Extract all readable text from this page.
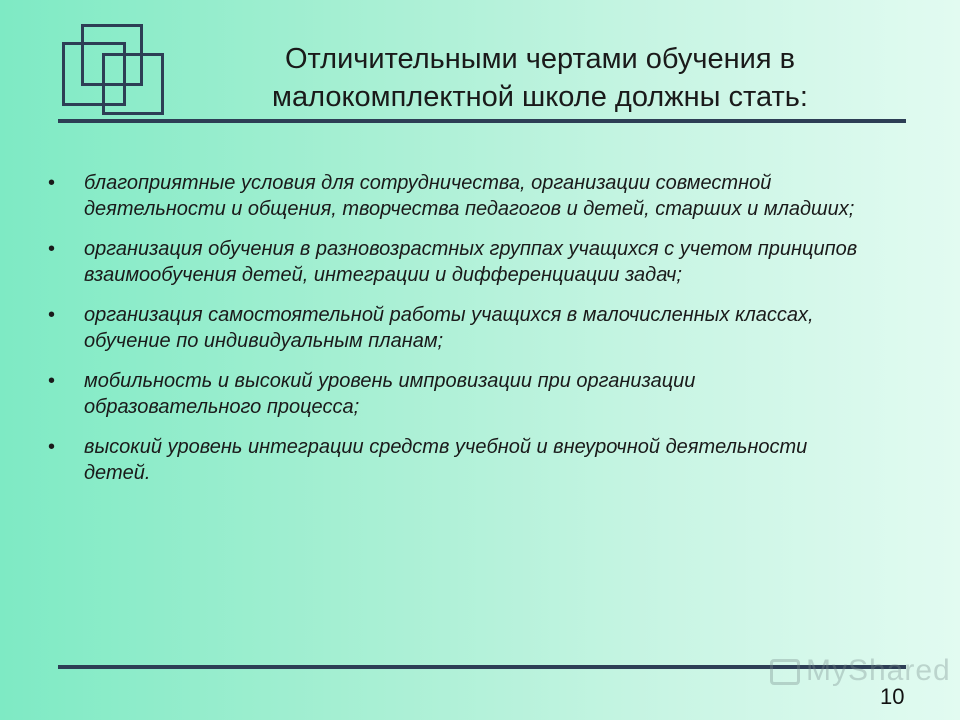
Отличительными чертами обучения в
малокомплектной школе должны стать:
• благоприятные условия для сотрудничества, организации совместной деятельности и общения, творчества педагогов и детей, старших и младших;
• организация обучения в разновозрастных группах учащихся с учетом принципов взаимообучения детей, интеграции и дифференциации задач;
• организация самостоятельной работы учащихся в малочисленных классах, обучение по индивидуальным планам;
• мобильность и высокий уровень импровизации при организации образовательного процесса;
• высокий уровень интеграции средств учебной и внеурочной деятельности детей.
MyShared
10
